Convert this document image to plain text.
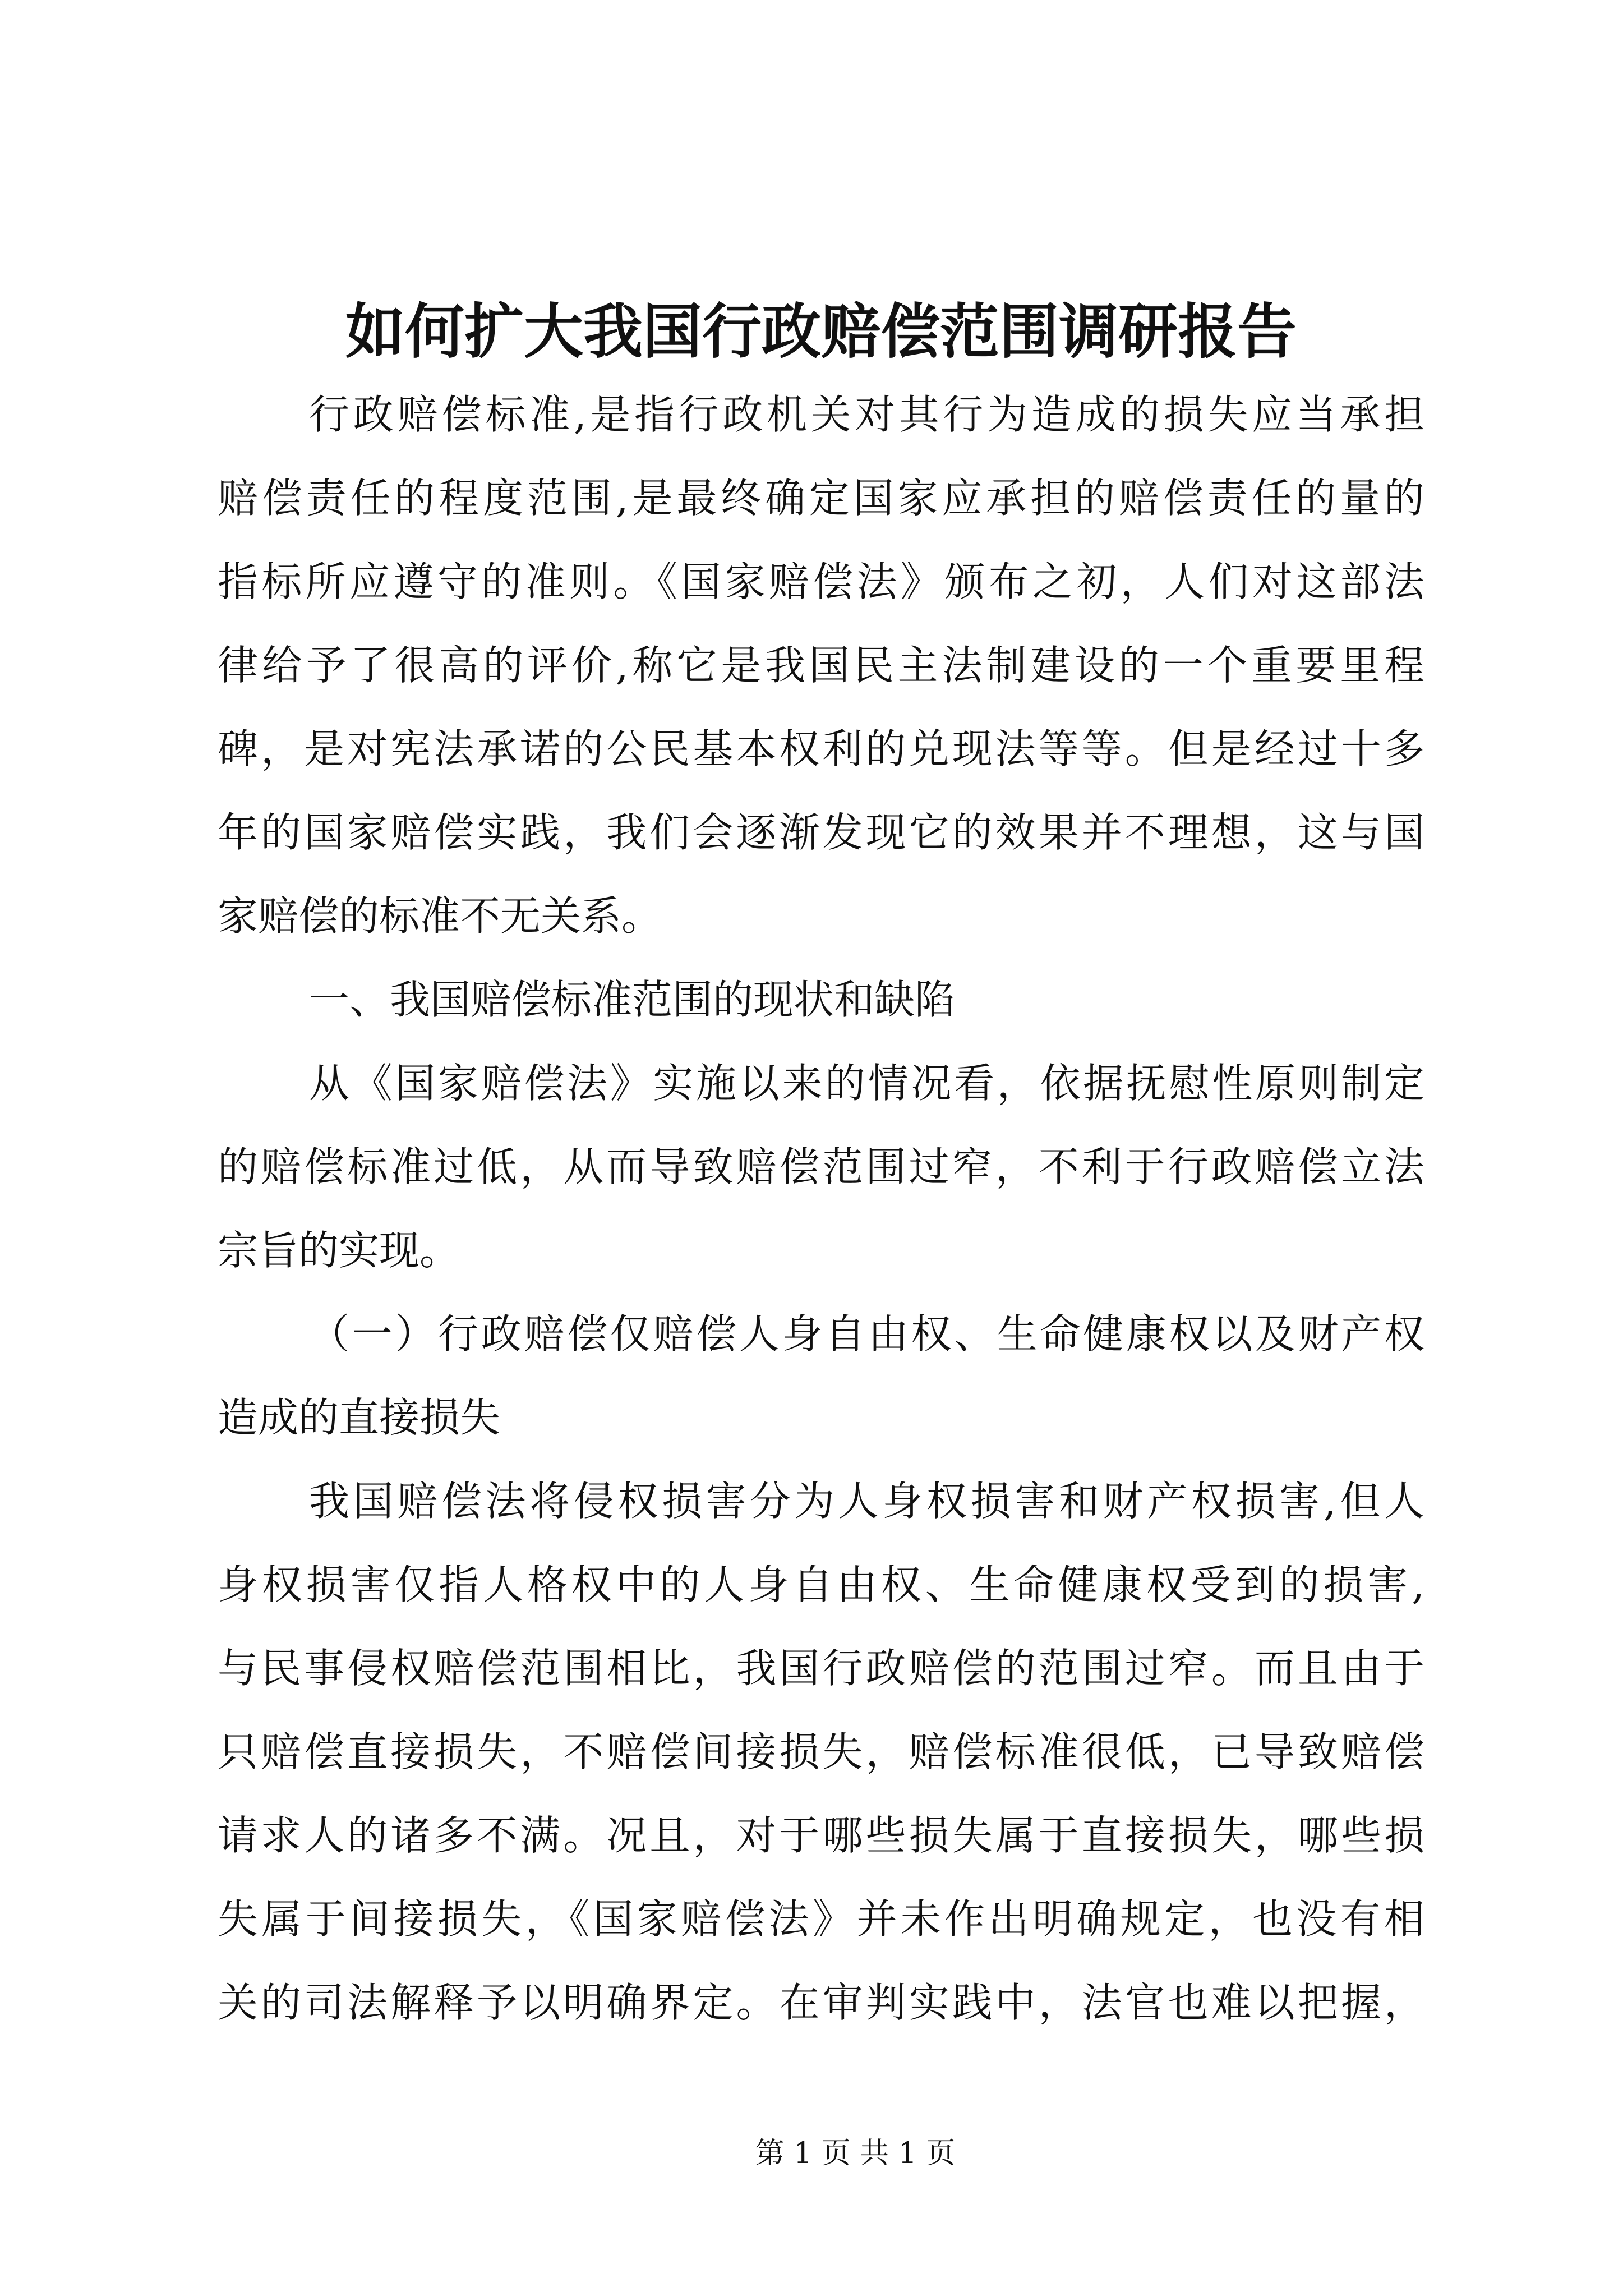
如何扩大我国行政赔偿范围调研报告
行政赔偿标准,是指行政机关对其行为造成的损失应当承担
赔偿责任的程度范围,是最终确定国家应承担的赔偿责任的量的
指标所应遵守的准则。《国家赔偿法》颁布之初，人们对这部法
律给予了很高的评价,称它是我国民主法制建设的一个重要里程
碑，是对宪法承诺的公民基本权利的兑现法等等。但是经过十多
年的国家赔偿实践，我们会逐渐发现它的效果并不理想，这与国
家赔偿的标准不无关系。
一、我国赔偿标准范围的现状和缺陷
从《国家赔偿法》实施以来的情况看，依据抚慰性原则制定
的赔偿标准过低，从而导致赔偿范围过窄，不利于行政赔偿立法
宗旨的实现。
（一）行政赔偿仅赔偿人身自由权、生命健康权以及财产权
造成的直接损失
我国赔偿法将侵权损害分为人身权损害和财产权损害,但人
身权损害仅指人格权中的人身自由权、生命健康权受到的损害,
与民事侵权赔偿范围相比，我国行政赔偿的范围过窄。而且由于
只赔偿直接损失，不赔偿间接损失，赔偿标准很低，已导致赔偿
请求人的诸多不满。况且，对于哪些损失属于直接损失，哪些损
失属于间接损失，《国家赔偿法》并未作出明确规定，也没有相
关的司法解释予以明确界定。在审判实践中，法官也难以把握，
第 1 页 共 1 页
